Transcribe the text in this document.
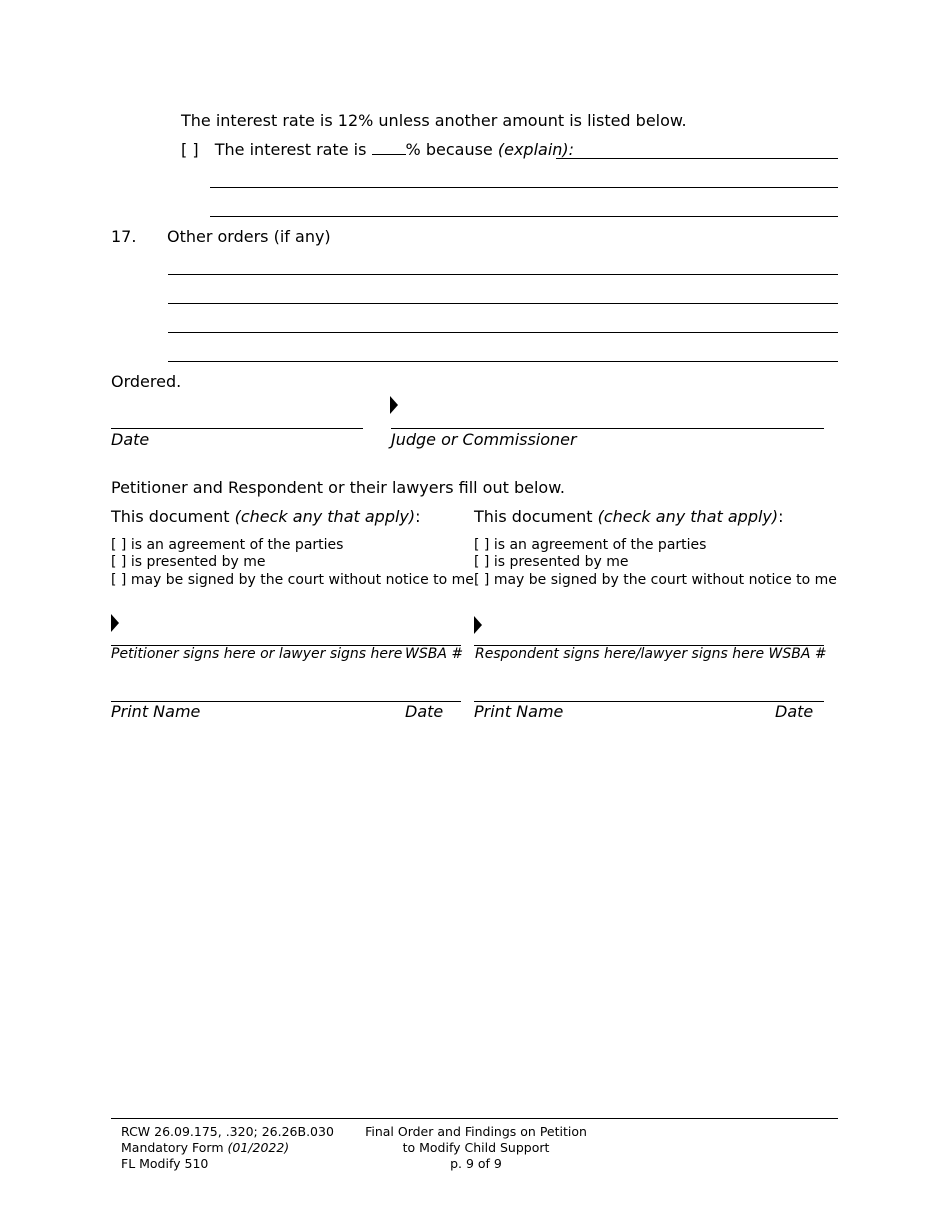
The interest rate is 12% unless another amount is listed below.
[ ] The interest rate is % because (explain):
17. Other orders (if any)
Ordered.
Date	Judge or Commissioner
Petitioner and Respondent or their lawyers fill out below.
This document (check any that apply):
[ ] is an agreement of the parties
[ ] is presented by me
[ ] may be signed by the court without notice to me
Petitioner signs here or lawyer signs here WSBA #
Print Name	Date
This document (check any that apply):
[ ] is an agreement of the parties
[ ] is presented by me
[ ] may be signed by the court without notice to me
Respondent signs here/lawyer signs here WSBA #
Print Name	Date
RCW 26.09.175, .320; 26.26B.030
Mandatory Form (01/2022)
FL Modify 510
Final Order and Findings on Petition
to Modify Child Support
p. 9 of 9
